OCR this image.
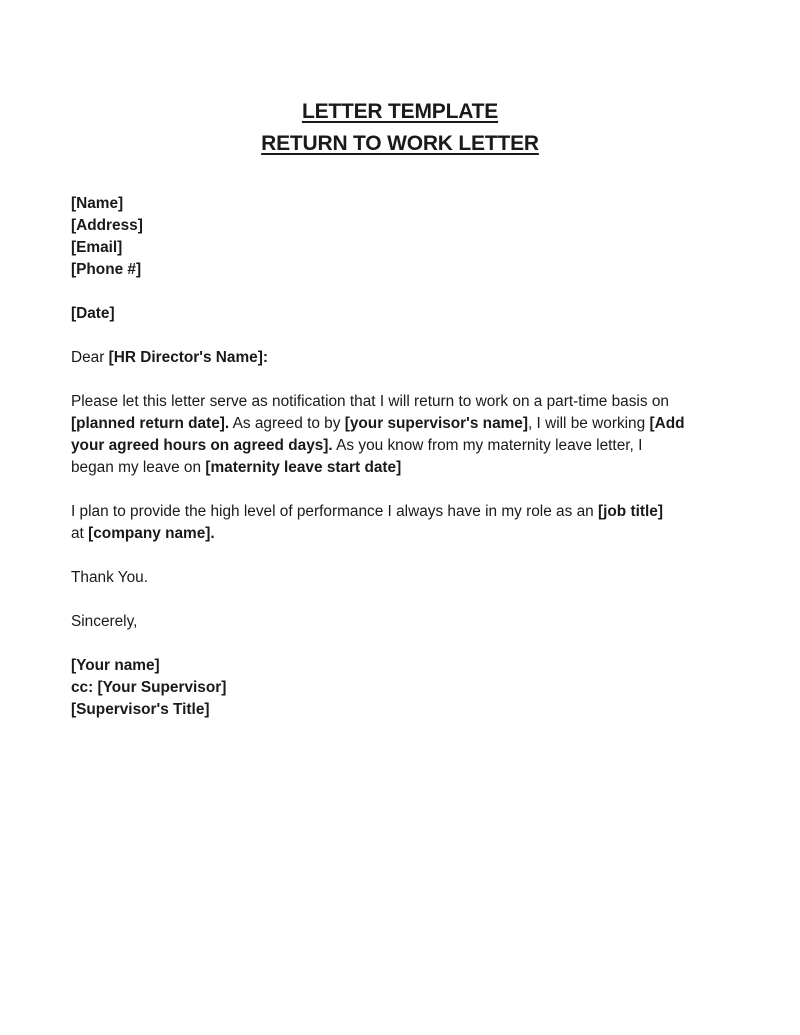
LETTER TEMPLATE
RETURN TO WORK LETTER
[Name]
[Address]
[Email]
[Phone #]
[Date]
Dear [HR Director's Name]:
Please let this letter serve as notification that I will return to work on a part-time basis on
[planned return date]. As agreed to by [your supervisor's name], I will be working [Add
your agreed hours on agreed days]. As you know from my maternity leave letter, I
began my leave on [maternity leave start date]
I plan to provide the high level of performance I always have in my role as an [job title]
at [company name].
Thank You.
Sincerely,
[Your name]
cc: [Your Supervisor]
[Supervisor's Title]
